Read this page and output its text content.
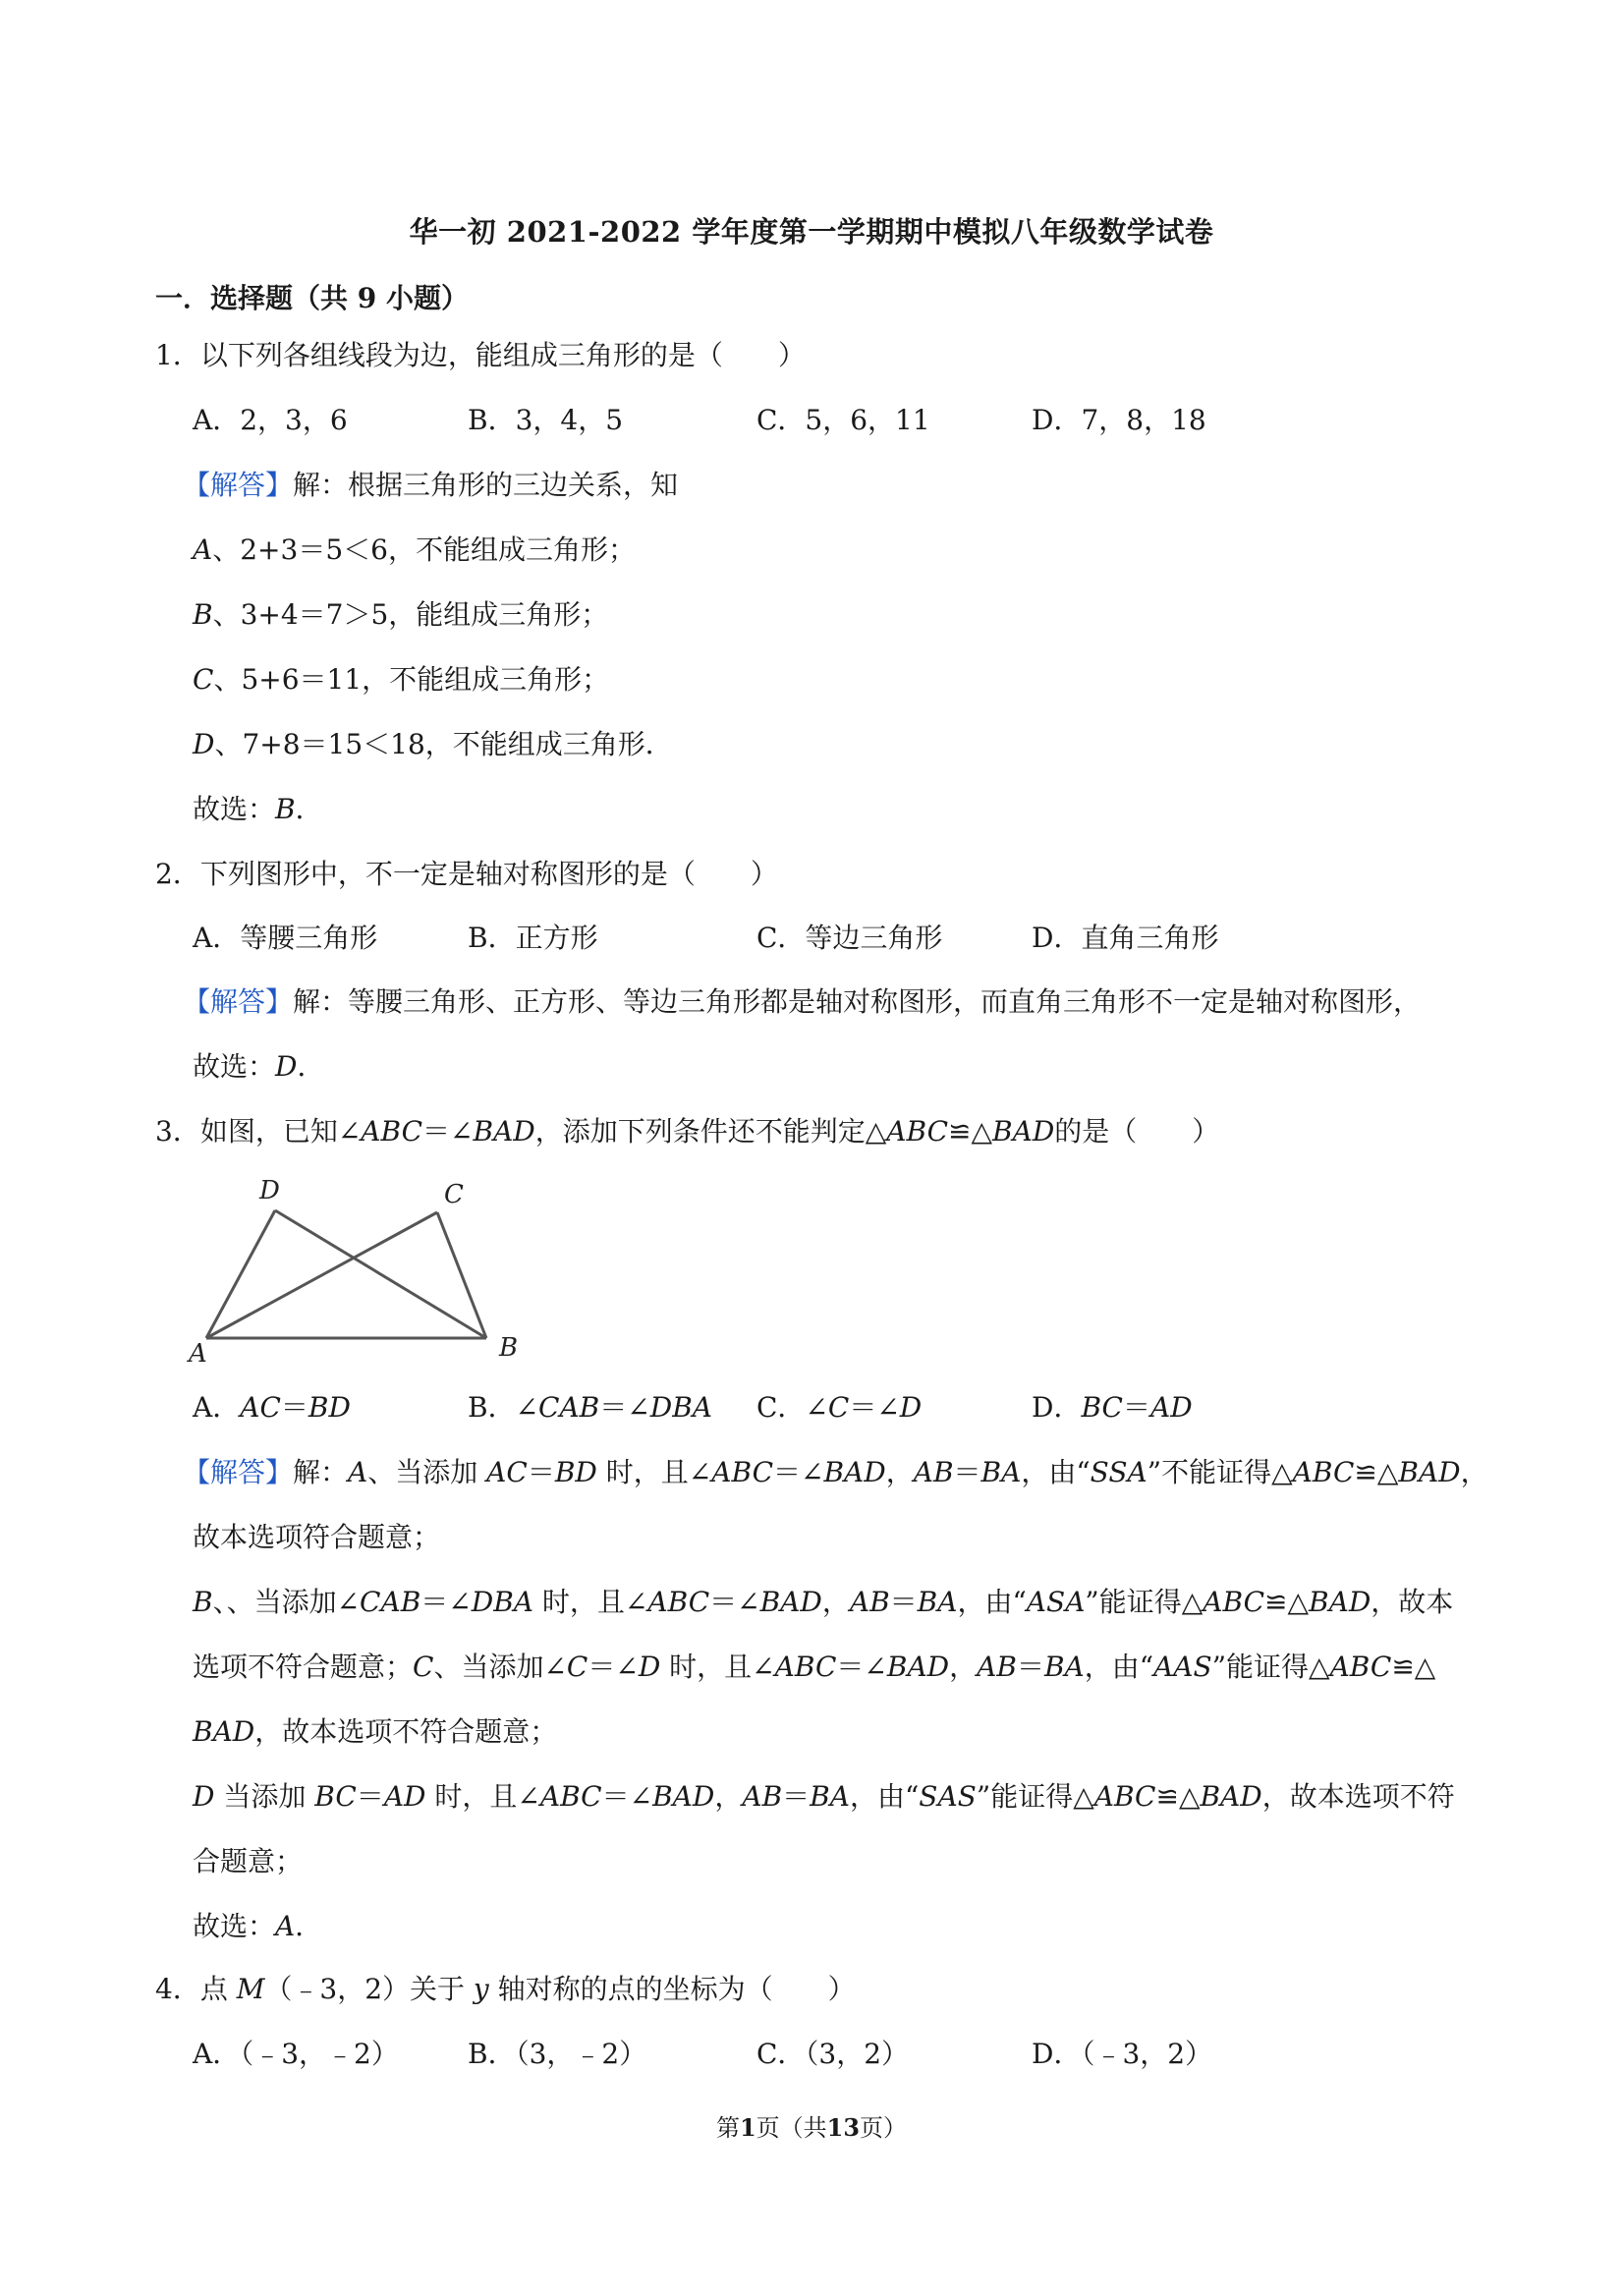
华一初 2021-2022 学年度第一学期期中模拟八年级数学试卷
一．选择题（共 9 小题）
1．以下列各组线段为边，能组成三角形的是（　　）
A．2，3，6	B．3，4，5	C．5，6，11	D．7，8，18
【解答】解：根据三角形的三边关系，知
A、2+3＝5＜6，不能组成三角形；
B、3+4＝7＞5，能组成三角形；
C、5+6＝11，不能组成三角形；
D、7+8＝15＜18，不能组成三角形．
故选：B．
2．下列图形中，不一定是轴对称图形的是（　　）
A．等腰三角形	B．正方形	C．等边三角形	D．直角三角形
【解答】解：等腰三角形、正方形、等边三角形都是轴对称图形，而直角三角形不一定是轴对称图形，
故选：D．
3．如图，已知∠ABC＝∠BAD，添加下列条件还不能判定△ABC≌△BAD的是（　　）
A	B
C
D
A．AC＝BD	B．∠CAB＝∠DBA C．∠C＝∠D	D．BC＝AD
【解答】解：A、当添加 AC＝BD 时，且∠ABC＝∠BAD，AB＝BA，由“SSA”不能证得△ABC≌△BAD，
故本选项符合题意；
B、、当添加∠CAB＝∠DBA 时，且∠ABC＝∠BAD，AB＝BA，由“ASA”能证得△ABC≌△BAD，故本
选项不符合题意；C、当添加∠C＝∠D 时，且∠ABC＝∠BAD，AB＝BA，由“AAS”能证得△ABC≌△
BAD，故本选项不符合题意；
D 当添加 BC＝AD 时，且∠ABC＝∠BAD，AB＝BA，由“SAS”能证得△ABC≌△BAD，故本选项不符
合题意；
故选：A．
4．点 M（﹣3，2）关于 y 轴对称的点的坐标为（　　）
A．（﹣3，﹣2）	B．（3，﹣2）	C．（3，2）	D．（﹣3，2）
第1页（共13页）
